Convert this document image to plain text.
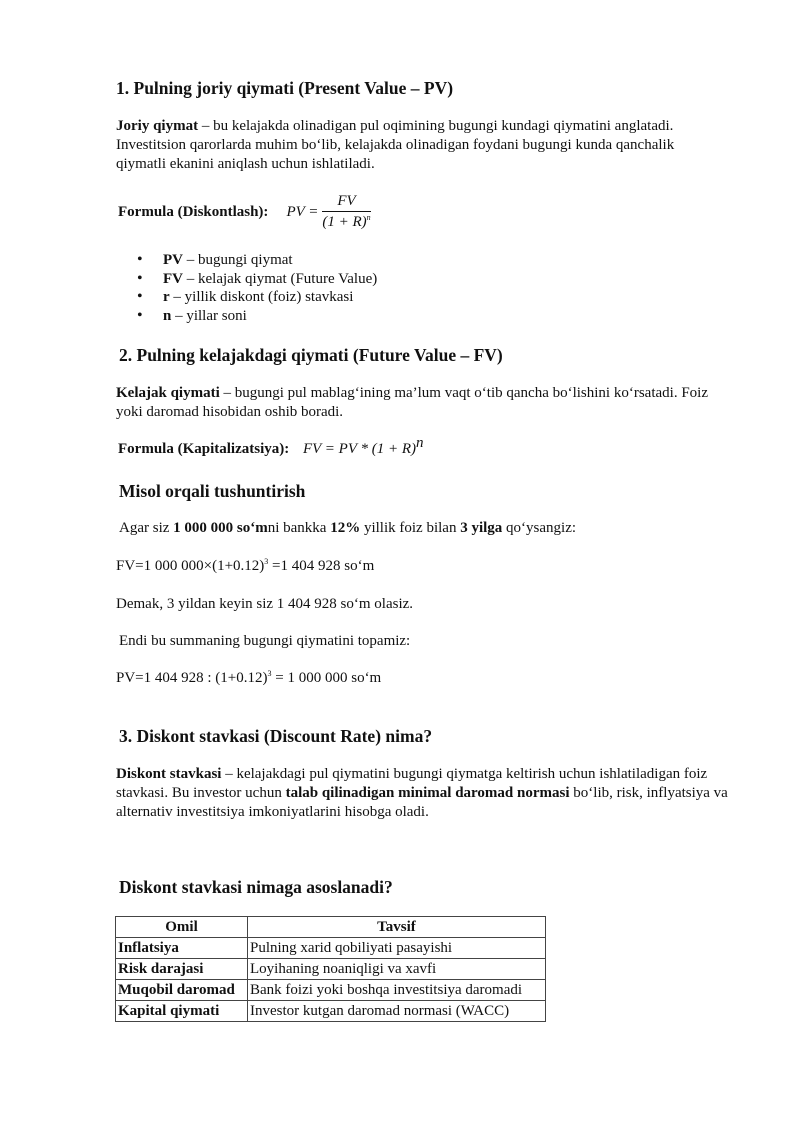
1. Pulning joriy qiymati (Present Value – PV)

Joriy qiymat – bu kelajakda olinadigan pul oqimining bugungi kundagi qiymatini anglatadi. Investitsion qarorlarda muhim bo‘lib, kelajakda olinadigan foydani bugungi kunda qanchalik qiymatli ekanini aniqlash uchun ishlatiladi.

Formula (Diskontlash): PV = $\frac{FV}{(1 + R)^n}$
• PV – bugungi qiymat
• FV – kelajak qiymat (Future Value)
• r – yillik diskont (foiz) stavkasi
• n – yillar soni
2. Pulning kelajakdagi qiymati (Future Value – FV)

Kelajak qiymati – bugungi pul mablag‘ining ma’lum vaqt o‘tib qancha bo‘lishini ko‘rsatadi. Foiz yoki daromad hisobidan oshib boradi.

Formula (Kapitalizatsiya): FV = PV * $(1 + R)^n$
Misol orqali tushuntirish

Agar siz 1 000 000 so‘mni bankka 12% yillik foiz bilan 3 yilga qo‘ysangiz:

FV=1 000 $000\times(1+0.12)^3 =1$ 404 928 so‘m

Demak, 3 yildan keyin siz 1 404 928 so‘m olasiz.

Endi bu summaning bugungi qiymatini topamiz:

PV=1 404 928 : $(1+0.12)^3 = 1$ 000 000 so‘m

3. Diskont stavkasi (Discount Rate) nima?

Diskont stavkasi – kelajakdagi pul qiymatini bugungi qiymatga keltirish uchun ishlatiladigan foiz stavkasi. Bu investor uchun talab qilinadigan minimal daromad normasi bo‘lib, risk, inflyatsiya va alternativ investitsiya imkoniyatlarini hisobga oladi.

Diskont stavkasi nimaga asoslanadi?
Omil	Tavsif
Inflatsiya	Pulning xarid qobiliyati pasayishi
Risk darajasi	Loyihaning noaniqligi va xavfi
Muqobil daromad	Bank foizi yoki boshqa investitsiya daromadi
Kapital qiymati	Investor kutgan daromad normasi (WACC)
